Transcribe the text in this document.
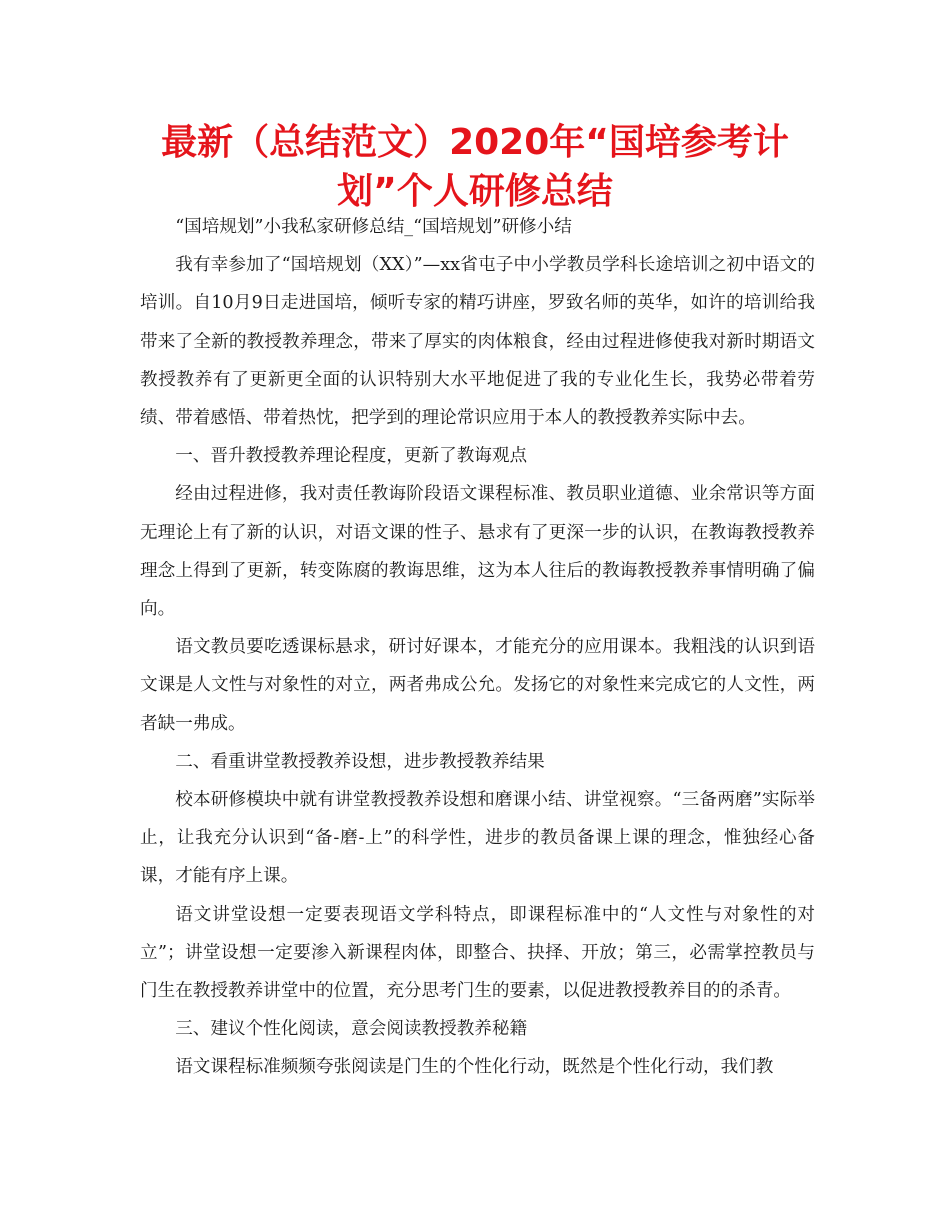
最新（总结范文）2020年“国培参考计划”个人研修总结

“国培规划”小我私家研修总结_“国培规划”研修小结

我有幸参加了“国培规划（XX）”—xx省屯子中小学教员学科长途培训之初中语文的培训。自10月9日走进国培，倾听专家的精巧讲座，罗致名师的英华，如许的培训给我带来了全新的教授教养理念，带来了厚实的肉体粮食，经由过程进修使我对新时期语文教授教养有了更新更全面的认识特别大水平地促进了我的专业化生长，我势必带着劳绩、带着感悟、带着热忱，把学到的理论常识应用于本人的教授教养实际中去。

一、晋升教授教养理论程度，更新了教诲观点

经由过程进修，我对责任教诲阶段语文课程标准、教员职业道德、业余常识等方面无理论上有了新的认识，对语文课的性子、悬求有了更深一步的认识，在教诲教授教养理念上得到了更新，转变陈腐的教诲思维，这为本人往后的教诲教授教养事情明确了偏向。

语文教员要吃透课标悬求，研讨好课本，才能充分的应用课本。我粗浅的认识到语文课是人文性与对象性的对立，两者弗成公允。发扬它的对象性来完成它的人文性，两者缺一弗成。

二、看重讲堂教授教养设想，进步教授教养结果

校本研修模块中就有讲堂教授教养设想和磨课小结、讲堂视察。“三备两磨”实际举止，让我充分认识到“备-磨-上”的科学性，进步的教员备课上课的理念，惟独经心备课，才能有序上课。

语文讲堂设想一定要表现语文学科特点，即课程标准中的“人文性与对象性的对立”；讲堂设想一定要渗入新课程肉体，即整合、抉择、开放；第三，必需掌控教员与门生在教授教养讲堂中的位置，充分思考门生的要素，以促进教授教养目的的杀青。

三、建议个性化阅读，意会阅读教授教养秘籍

语文课程标准频频夸张阅读是门生的个性化行动，既然是个性化行动，我们教
